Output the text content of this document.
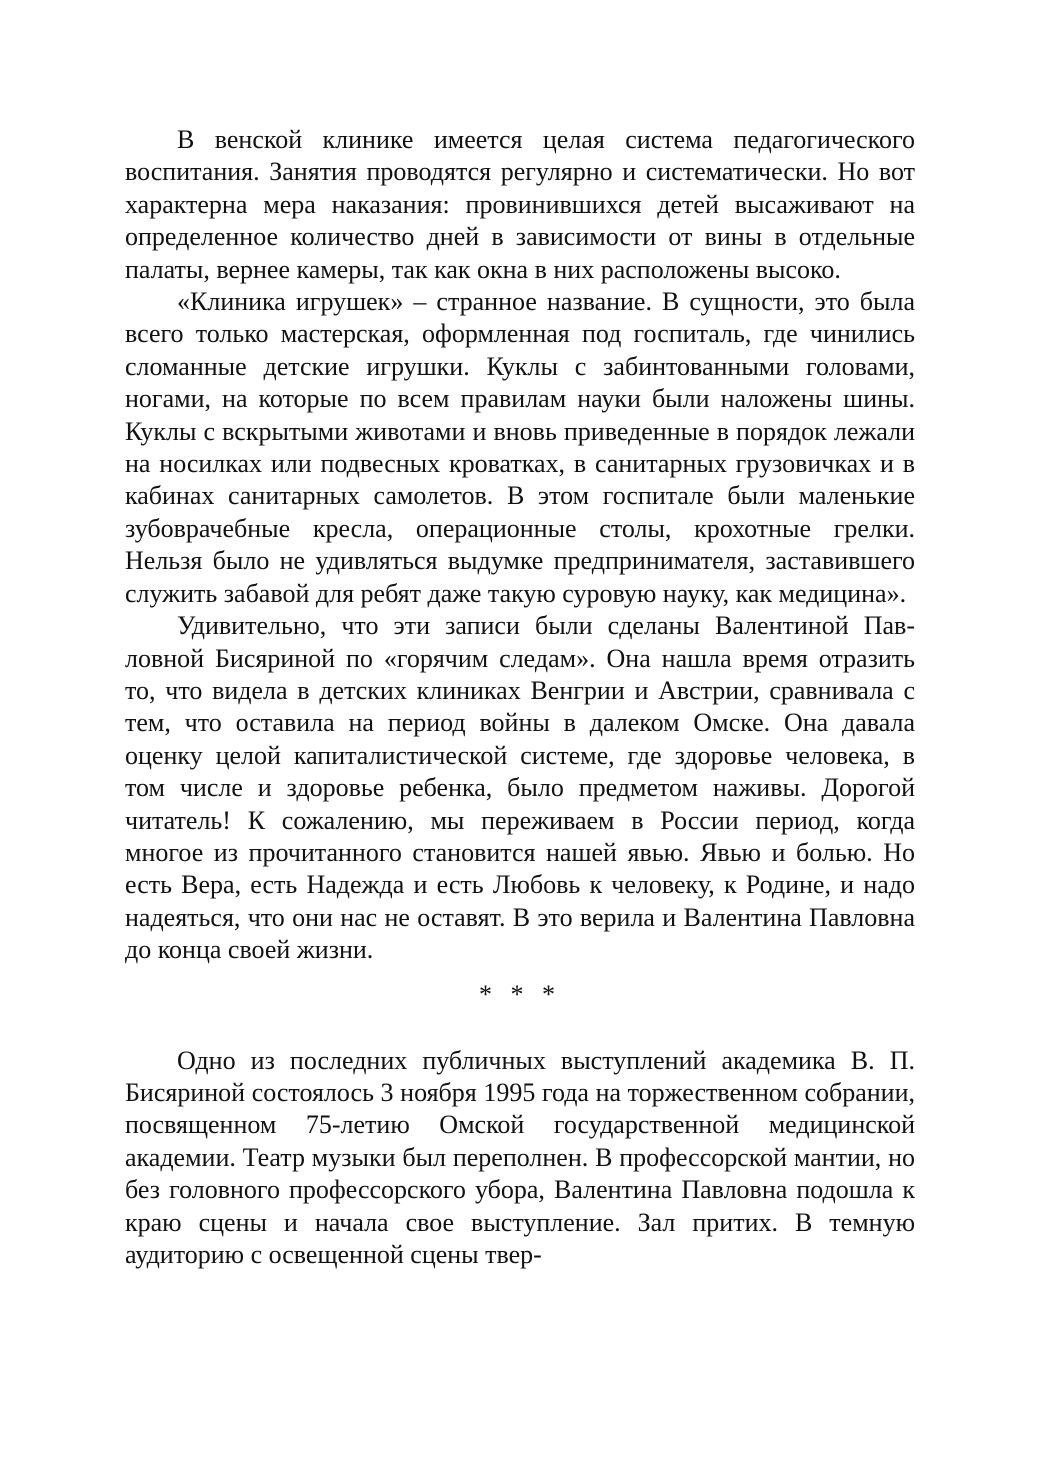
В венской клинике имеется целая система педагогического воспитания. Занятия проводятся регулярно и систематически. Но вот характерна мера наказания: провинившихся детей высаживают на определенное количество дней в зависимости от вины в отдельные палаты, вернее камеры, так как окна в них расположены высоко.

«Клиника игрушек» – странное название. В сущности, это была всего только мастерская, оформленная под госпиталь, где чинились сломанные детские игрушки. Куклы с забинтованными головами, ногами, на которые по всем правилам науки были наложены шины. Куклы с вскрытыми животами и вновь приведенные в порядок лежали на носилках или подвесных кроватках, в санитарных грузовичках и в кабинах санитарных самолетов. В этом госпитале были маленькие зубоврачебные кресла, операционные столы, крохотные грелки. Нельзя было не удивляться выдумке предпринимателя, заставившего служить забавой для ребят даже такую суровую науку, как медицина».

Удивительно, что эти записи были сделаны Валентиной Павловной Бисяриной по «горячим следам». Она нашла время отразить то, что видела в детских клиниках Венгрии и Австрии, сравнивала с тем, что оставила на период войны в далеком Омске. Она давала оценку целой капиталистической системе, где здоровье человека, в том числе и здоровье ребенка, было предметом наживы. Дорогой читатель! К сожалению, мы переживаем в России период, когда многое из прочитанного становится нашей явью. Явью и болью. Но есть Вера, есть Надежда и есть Любовь к человеку, к Родине, и надо надеяться, что они нас не оставят. В это верила и Валентина Павловна до конца своей жизни.

* * *

Одно из последних публичных выступлений академика В. П. Бисяриной состоялось 3 ноября 1995 года на торжественном собрании, посвященном 75-летию Омской государственной медицинской академии. Театр музыки был переполнен. В профессорской мантии, но без головного профессорского убора, Валентина Павловна подошла к краю сцены и начала свое выступление. Зал притих. В темную аудиторию с освещенной сцены твер-
